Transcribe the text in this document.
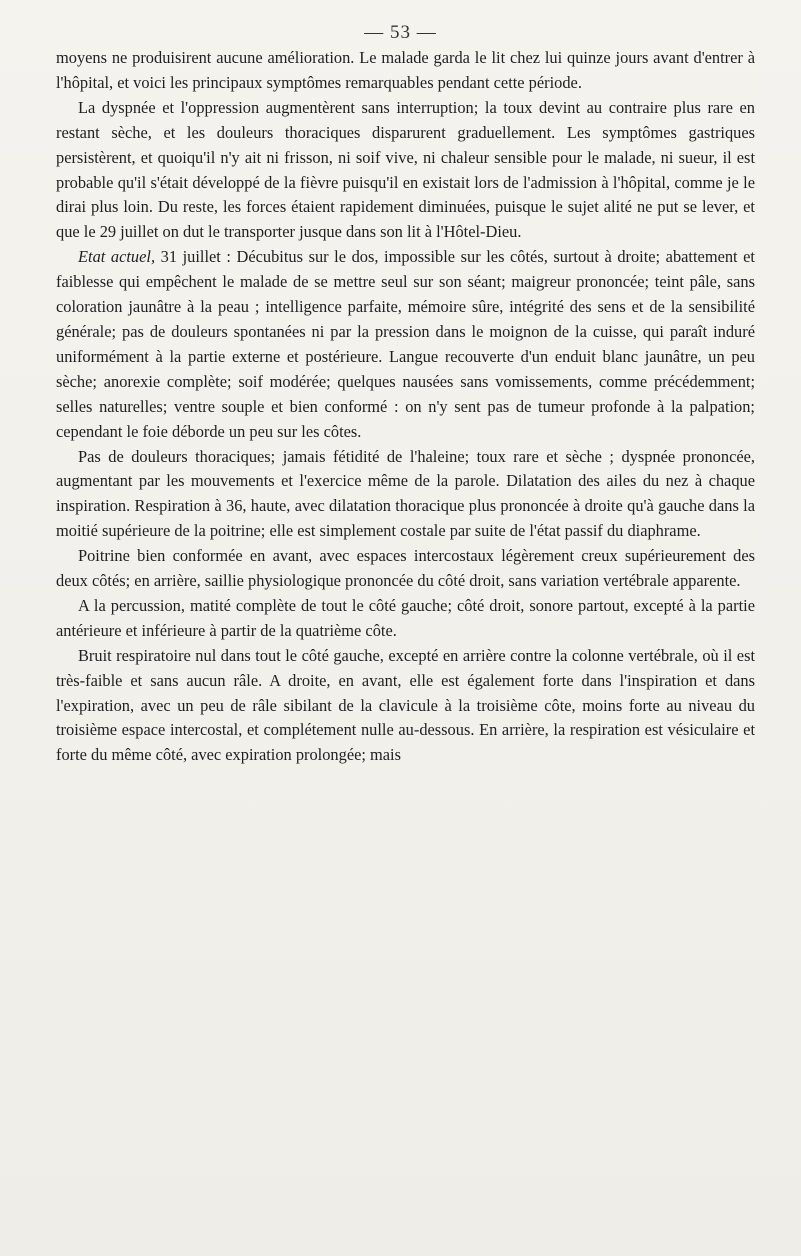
— 53 —

moyens ne produisirent aucune amélioration. Le malade garda le lit chez lui quinze jours avant d'entrer à l'hôpital, et voici les principaux symptômes remarquables pendant cette période.

La dyspnée et l'oppression augmentèrent sans interruption; la toux devint au contraire plus rare en restant sèche, et les douleurs thoraciques disparurent graduellement. Les symptômes gastriques persistèrent, et quoiqu'il n'y ait ni frisson, ni soif vive, ni chaleur sensible pour le malade, ni sueur, il est probable qu'il s'était développé de la fièvre puisqu'il en existait lors de l'admission à l'hôpital, comme je le dirai plus loin. Du reste, les forces étaient rapidement diminuées, puisque le sujet alité ne put se lever, et que le 29 juillet on dut le transporter jusque dans son lit à l'Hôtel-Dieu.

Etat actuel, 31 juillet : Décubitus sur le dos, impossible sur les côtés, surtout à droite; abattement et faiblesse qui empêchent le malade de se mettre seul sur son séant; maigreur prononcée; teint pâle, sans coloration jaunâtre à la peau ; intelligence parfaite, mémoire sûre, intégrité des sens et de la sensibilité générale; pas de douleurs spontanées ni par la pression dans le moignon de la cuisse, qui paraît induré uniformément à la partie externe et postérieure. Langue recouverte d'un enduit blanc jaunâtre, un peu sèche; anorexie complète; soif modérée; quelques nausées sans vomissements, comme précédemment; selles naturelles; ventre souple et bien conformé : on n'y sent pas de tumeur profonde à la palpation; cependant le foie déborde un peu sur les côtes.

Pas de douleurs thoraciques; jamais fétidité de l'haleine; toux rare et sèche ; dyspnée prononcée, augmentant par les mouvements et l'exercice même de la parole. Dilatation des ailes du nez à chaque inspiration. Respiration à 36, haute, avec dilatation thoracique plus prononcée à droite qu'à gauche dans la moitié supérieure de la poitrine; elle est simplement costale par suite de l'état passif du diaphrame.

Poitrine bien conformée en avant, avec espaces intercostaux légèrement creux supérieurement des deux côtés; en arrière, saillie physiologique prononcée du côté droit, sans variation vertébrale apparente.

A la percussion, matité complète de tout le côté gauche; côté droit, sonore partout, excepté à la partie antérieure et inférieure à partir de la quatrième côte.

Bruit respiratoire nul dans tout le côté gauche, excepté en arrière contre la colonne vertébrale, où il est très-faible et sans aucun râle. A droite, en avant, elle est également forte dans l'inspiration et dans l'expiration, avec un peu de râle sibilant de la clavicule à la troisième côte, moins forte au niveau du troisième espace intercostal, et complétement nulle au-dessous. En arrière, la respiration est vésiculaire et forte du même côté, avec expiration prolongée; mais
